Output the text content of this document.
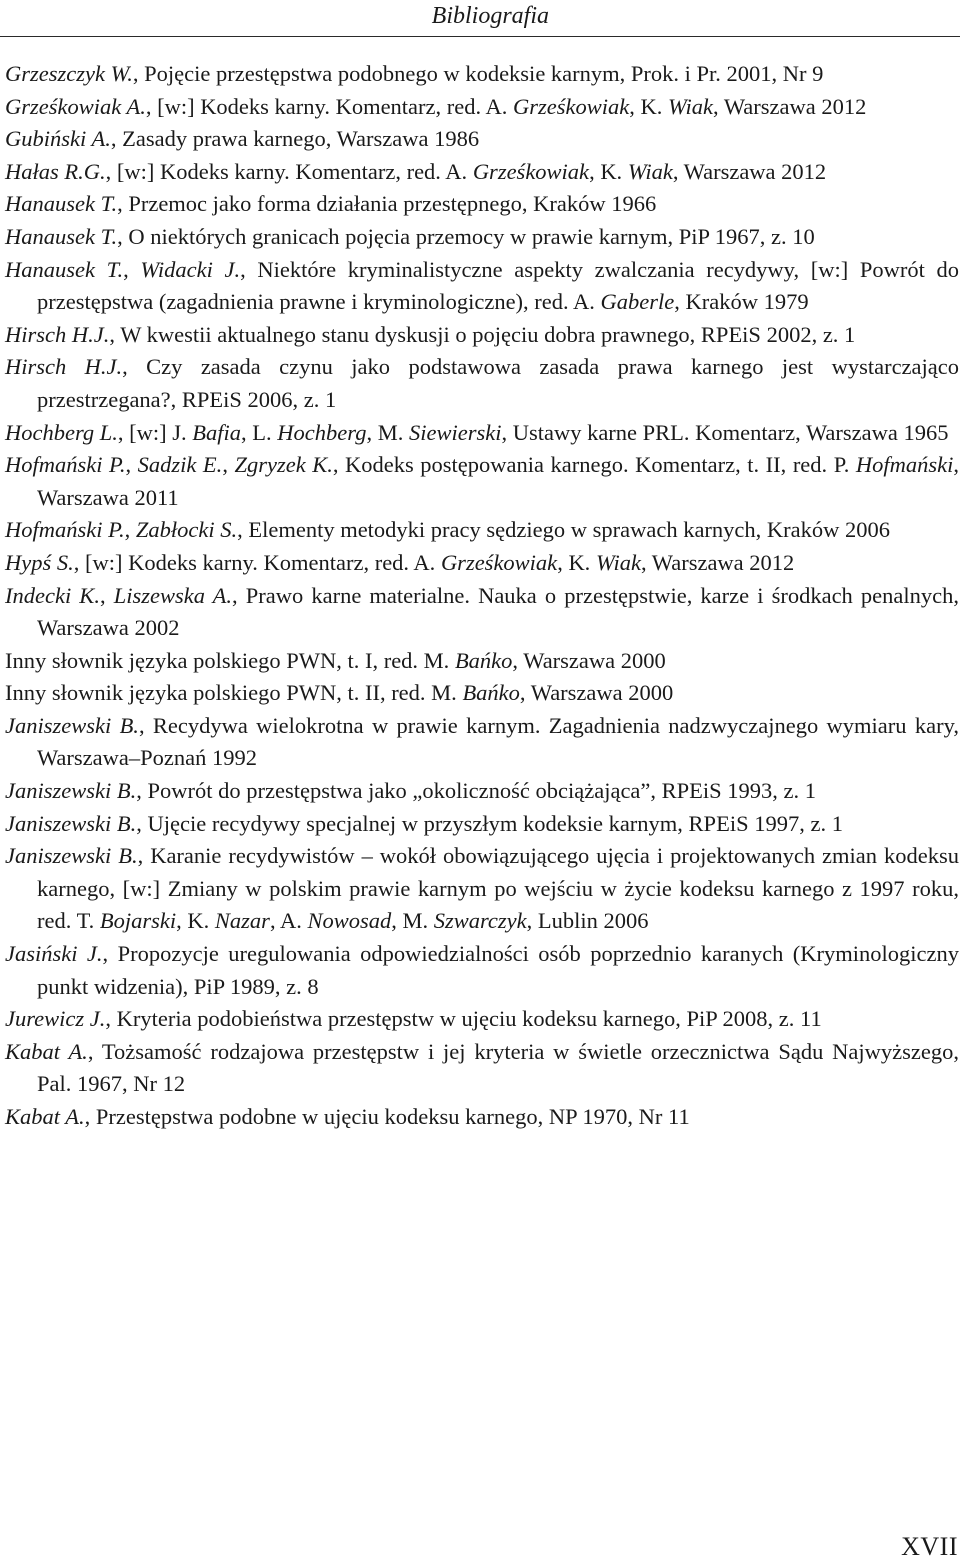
Bibliografia
Grzeszczyk W., Pojęcie przestępstwa podobnego w kodeksie karnym, Prok. i Pr. 2001, Nr 9
Grześkowiak A., [w:] Kodeks karny. Komentarz, red. A. Grześkowiak, K. Wiak, Warszawa 2012
Gubiński A., Zasady prawa karnego, Warszawa 1986
Hałas R.G., [w:] Kodeks karny. Komentarz, red. A. Grześkowiak, K. Wiak, Warszawa 2012
Hanausek T., Przemoc jako forma działania przestępnego, Kraków 1966
Hanausek T., O niektórych granicach pojęcia przemocy w prawie karnym, PiP 1967, z. 10
Hanausek T., Widacki J., Niektóre kryminalistyczne aspekty zwalczania recydywy, [w:] Powrót do przestępstwa (zagadnienia prawne i kryminologiczne), red. A. Gaberle, Kraków 1979
Hirsch H.J., W kwestii aktualnego stanu dyskusji o pojęciu dobra prawnego, RPEiS 2002, z. 1
Hirsch H.J., Czy zasada czynu jako podstawowa zasada prawa karnego jest wystarczająco przestrzegana?, RPEiS 2006, z. 1
Hochberg L., [w:] J. Bafia, L. Hochberg, M. Siewierski, Ustawy karne PRL. Komentarz, Warszawa 1965
Hofmański P., Sadzik E., Zgryzek K., Kodeks postępowania karnego. Komentarz, t. II, red. P. Hofmański, Warszawa 2011
Hofmański P., Zabłocki S., Elementy metodyki pracy sędziego w sprawach karnych, Kraków 2006
Hypś S., [w:] Kodeks karny. Komentarz, red. A. Grześkowiak, K. Wiak, Warszawa 2012
Indecki K., Liszewska A., Prawo karne materialne. Nauka o przestępstwie, karze i środkach penalnych, Warszawa 2002
Inny słownik języka polskiego PWN, t. I, red. M. Bańko, Warszawa 2000
Inny słownik języka polskiego PWN, t. II, red. M. Bańko, Warszawa 2000
Janiszewski B., Recydywa wielokrotna w prawie karnym. Zagadnienia nadzwyczajnego wymiaru kary, Warszawa–Poznań 1992
Janiszewski B., Powrót do przestępstwa jako „okoliczność obciążająca”, RPEiS 1993, z. 1
Janiszewski B., Ujęcie recydywy specjalnej w przyszłym kodeksie karnym, RPEiS 1997, z. 1
Janiszewski B., Karanie recydywistów – wokół obowiązującego ujęcia i projektowanych zmian kodeksu karnego, [w:] Zmiany w polskim prawie karnym po wejściu w życie kodeksu karnego z 1997 roku, red. T. Bojarski, K. Nazar, A. Nowosad, M. Szwarczyk, Lublin 2006
Jasiński J., Propozycje uregulowania odpowiedzialności osób poprzednio karanych (Kryminologiczny punkt widzenia), PiP 1989, z. 8
Jurewicz J., Kryteria podobieństwa przestępstw w ujęciu kodeksu karnego, PiP 2008, z. 11
Kabat A., Tożsamość rodzajowa przestępstw i jej kryteria w świetle orzecznictwa Sądu Najwyższego, Pal. 1967, Nr 12
Kabat A., Przestępstwa podobne w ujęciu kodeksu karnego, NP 1970, Nr 11
XVII
